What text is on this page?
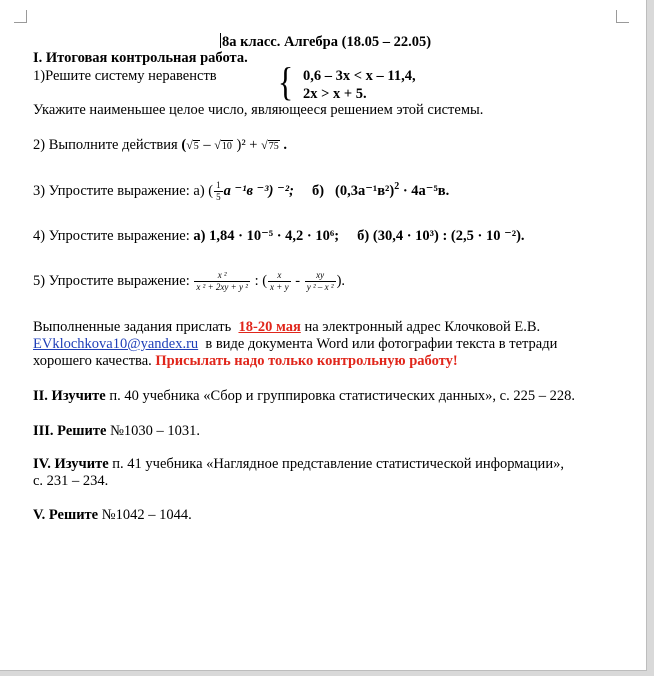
8а класс. Алгебра (18.05 – 22.05)
I. Итоговая контрольная работа.
1)Решите систему неравенств { 0,6 – 3x < x – 11,4,
2x > x + 5.
Укажите наименьшее целое число, являющееся решением этой системы.
2) Выполните действия (√5 – √10 )² + √75 .
3) Упростите выражение: а) ( $\frac{1}{5}$ а ⁻¹в ⁻³) ⁻²; б) $(0,3а^{-1}в^2)^2 \cdot 4а^{-5}в$.
4) Упростите выражение: а) 1,84 · 10⁻⁵ · 4,2 · 10⁶; б) (30,4 · 10³) : (2,5 · 10 ⁻²).
5) Упростите выражение: $\frac{\text{x ²}}{\text{x ² + 2xy + y ²}}$ : ( $\frac{x}{x + y} - \frac{xy}{\text{y ² – x ²}}$ ).
Выполненные задания прислать 18-20 мая на электронный адрес Клочковой Е.В.
EVklochkova10@yandex.ru в виде документа Word или фотографии текста в тетради
хорошего качества. Присылать надо только контрольную работу!
II. Изучите п. 40 учебника «Сбор и группировка статистических данных», с. 225 – 228.
III. Решите №1030 – 1031.
IV. Изучите п. 41 учебника «Наглядное представление статистической информации»,
с. 231 – 234.
V. Решите №1042 – 1044.
